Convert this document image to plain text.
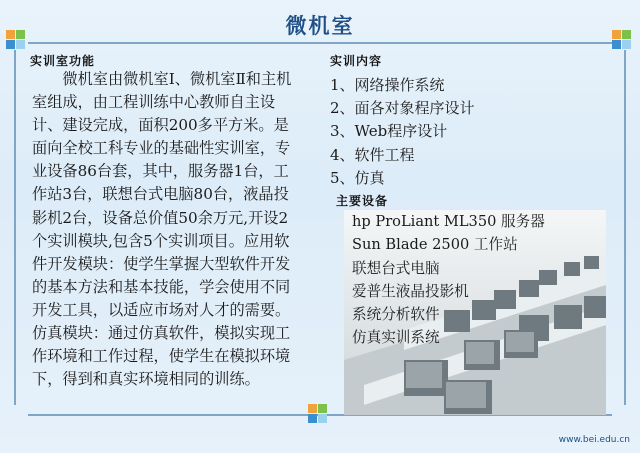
微机室
实训室功能
微机室由微机室Ⅰ、微机室Ⅱ和主机室组成，由工程训练中心教师自主设计、建设完成，面积200多平方米。是面向全校工科专业的基础性实训室，专业设备86台套，其中，服务器1台，工作站3台，联想台式电脑80台，液晶投影机2台，设备总价值50余万元,开设2个实训模块,包含5个实训项目。应用软件开发模块：使学生掌握大型软件开发的基本方法和基本技能，学会使用不同开发工具，以适应市场对人才的需要。仿真模块：通过仿真软件，模拟实现工作环境和工作过程，使学生在模拟环境下，得到和真实环境相同的训练。
实训内容
1、网络操作系统
2、面各对象程序设计
3、Web程序设计
4、软件工程
5、仿真
主要设备
hp ProLiant ML350 服务器
Sun Blade 2500 工作站
联想台式电脑
爱普生液晶投影机
系统分析软件
仿真实训系统
www.bei.edu.cn
